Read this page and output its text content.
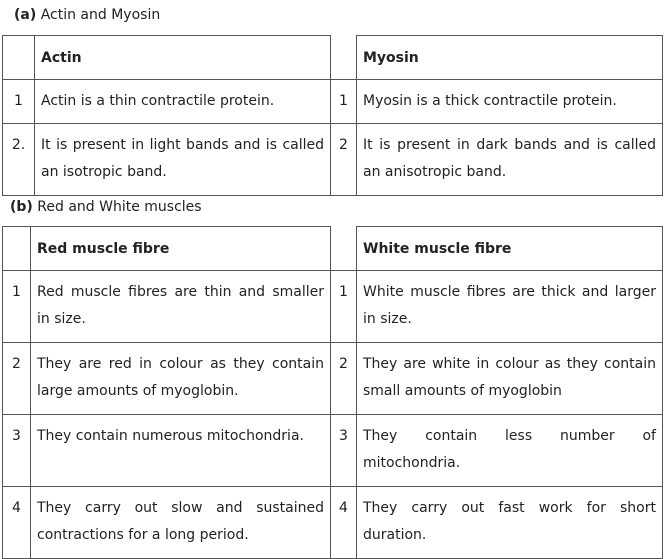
(a) Actin and Myosin
	Actin		Myosin
1	Actin is a thin contractile protein.	1	Myosin is a thick contractile protein.
2.	It is present in light bands and is called an isotropic band.	2	It is present in dark bands and is called an anisotropic band.
(b) Red and White muscles
	Red muscle fibre		White muscle fibre
1	Red muscle fibres are thin and smaller in size.	1	White muscle fibres are thick and larger in size.
2	They are red in colour as they contain large amounts of myoglobin.	2	They are white in colour as they contain small amounts of myoglobin
3	They contain numerous mitochondria.	3	They contain less number of mitochondria.
4	They carry out slow and sustained contractions for a long period.	4	They carry out fast work for short duration.
